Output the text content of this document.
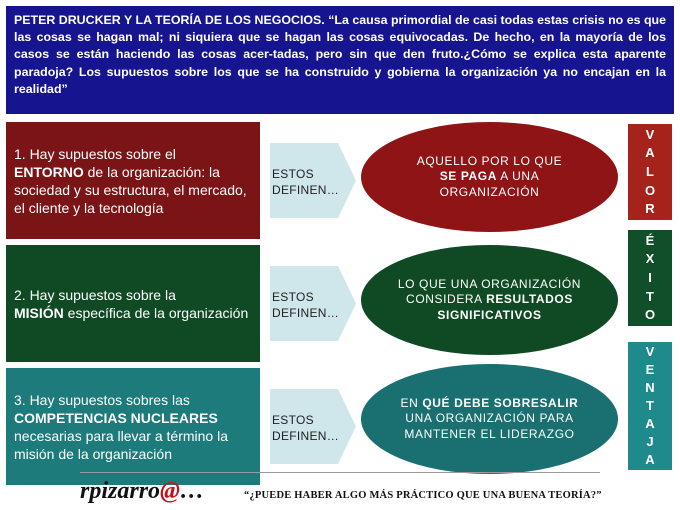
PETER DRUCKER Y LA TEORÍA DE LOS NEGOCIOS. “La causa primordial de casi todas estas crisis no es que las cosas se hagan mal; ni siquiera que se hagan las cosas equivocadas. De hecho, en la mayoría de los casos se están haciendo las cosas acer-tadas, pero sin que den fruto.¿Cómo se explica esta aparente paradoja? Los supuestos sobre los que se ha construido y gobierna la organización ya no encajan en la realidad”
1. Hay supuestos sobre el
ENTORNO de la organización: la sociedad y su estructura, el mercado, el cliente y la tecnología
ESTOS
DEFINEN…
AQUELLO POR LO QUE
SE PAGA A UNA ORGANIZACIÓN
2. Hay supuestos sobre la
MISIÓN específica de la organización
ESTOS
DEFINEN…
LO QUE UNA ORGANIZACIÓN CONSIDERA RESULTADOS SIGNIFICATIVOS
3. Hay supuestos sobres las
COMPETENCIAS NUCLEARES necesarias para llevar a término la misión de la organización
ESTOS
DEFINEN…
EN QUÉ DEBE SOBRESALIR UNA ORGANIZACIÓN PARA MANTENER EL LIDERAZGO
V
A
L
O
R
É
X
I
T
O
V
E
N
T
A
J
A
rpizarro@…	“¿PUEDE HABER ALGO MÁS PRÁCTICO QUE UNA BUENA TEORÍA?”
